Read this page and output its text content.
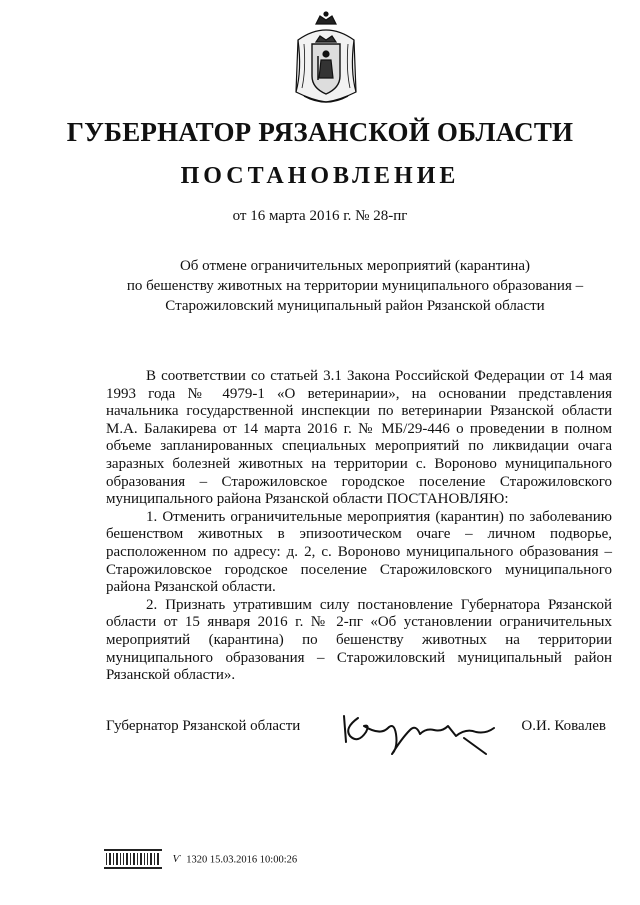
ГУБЕРНАТОР РЯЗАНСКОЙ ОБЛАСТИ
ПОСТАНОВЛЕНИЕ
от 16 марта 2016 г. № 28-пг
Об отмене ограничительных мероприятий (карантина)
по бешенству животных на территории муниципального образования –
Старожиловский муниципальный район Рязанской области

В соответствии со статьей 3.1 Закона Российской Федерации от 14 мая 1993 года № 4979-1 «О ветеринарии», на основании представления начальника государственной инспекции по ветеринарии Рязанской области М.А. Балакирева от 14 марта 2016 г. № МБ/29-446 о проведении в полном объеме запланированных специальных мероприятий по ликвидации очага заразных болезней животных на территории с. Вороново муниципального образования – Старожиловское городское поселение Старожиловского муниципального района Рязанской области ПОСТАНОВЛЯЮ:

1. Отменить ограничительные мероприятия (карантин) по заболеванию бешенством животных в эпизоотическом очаге – личном подворье, расположенном по адресу: д. 2, с. Вороново муниципального образования – Старожиловское городское поселение Старожиловского муниципального района Рязанской области.

2. Признать утратившим силу постановление Губернатора Рязанской области от 15 января 2016 г. № 2-пг «Об установлении ограничительных мероприятий (карантина) по бешенству животных на территории муниципального образования – Старожиловский муниципальный район Рязанской области».

Губернатор Рязанской области	О.И. Ковалев
Ѵ 1320 15.03.2016 10:00:26
